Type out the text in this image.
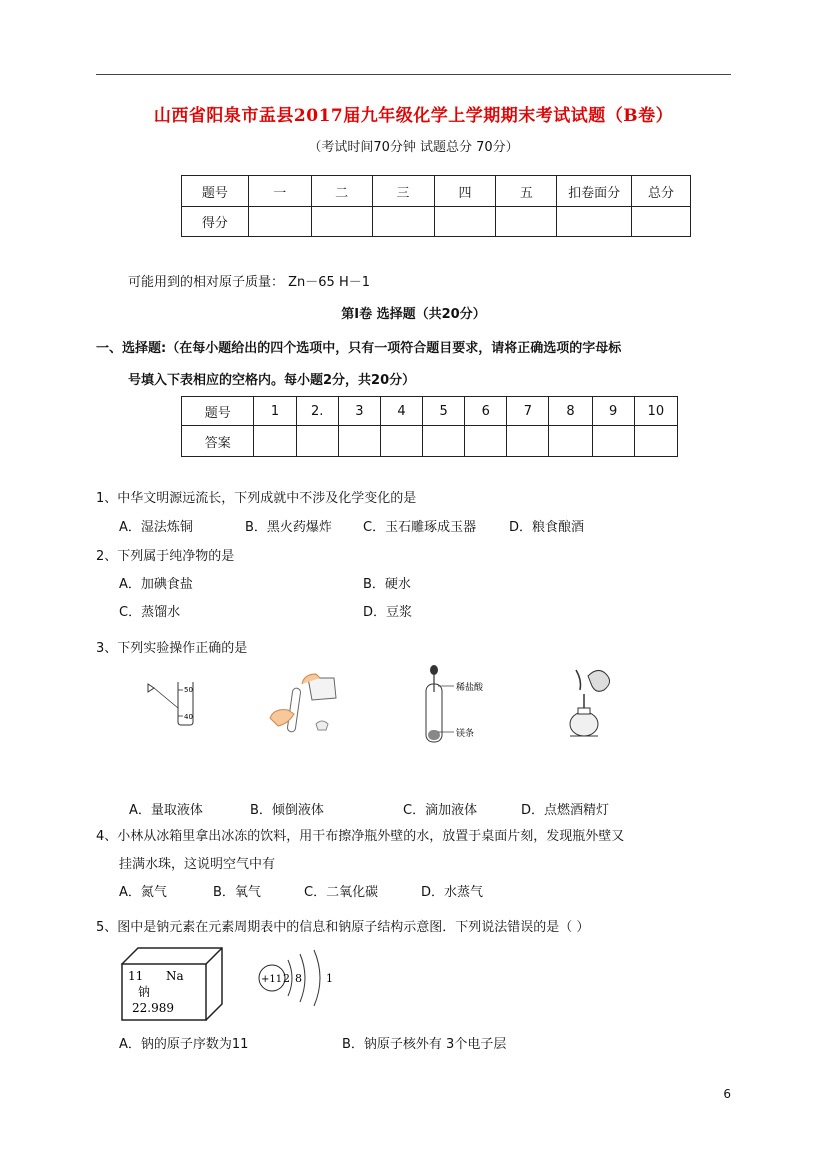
山西省阳泉市盂县2017届九年级化学上学期期末考试试题（B卷）
（考试时间70分钟 试题总分 70分）
题号	一	二	三	四	五	扣卷面分	总分
得分							
可能用到的相对原子质量： Zn－65 H－1
第Ⅰ卷 选择题（共20分）
一、选择题:（在每小题给出的四个选项中，只有一项符合题目要求，请将正确选项的字母标
号填入下表相应的空格内。每小题2分，共20分）
题号	1	2.	3	4	5	6	7	8	9	10
答案										
1、中华文明源远流长，下列成就中不涉及化学变化的是
A．湿法炼铜	B．黑火药爆炸 C．玉石雕琢成玉器	D．粮食酿酒
2、下列属于纯净物的是
A．加碘食盐	B．硬水
C．蒸馏水	D．豆浆
3、下列实验操作正确的是
50
40
稀盐酸
镁条
A．量取液体	B．倾倒液体	C．滴加液体	D．点燃酒精灯
4、小林从冰箱里拿出冰冻的饮料，用干布擦净瓶外壁的水，放置于桌面片刻，发现瓶外壁又
挂满水珠，这说明空气中有
A．氮气	B．氧气	C．二氧化碳	D．水蒸气
5、图中是钠元素在元素周期表中的信息和钠原子结构示意图．下列说法错误的是（ ）
11 Na
钠
22.989
+11 2 8 1
A．钠的原子序数为11	B．钠原子核外有 3个电子层
6
